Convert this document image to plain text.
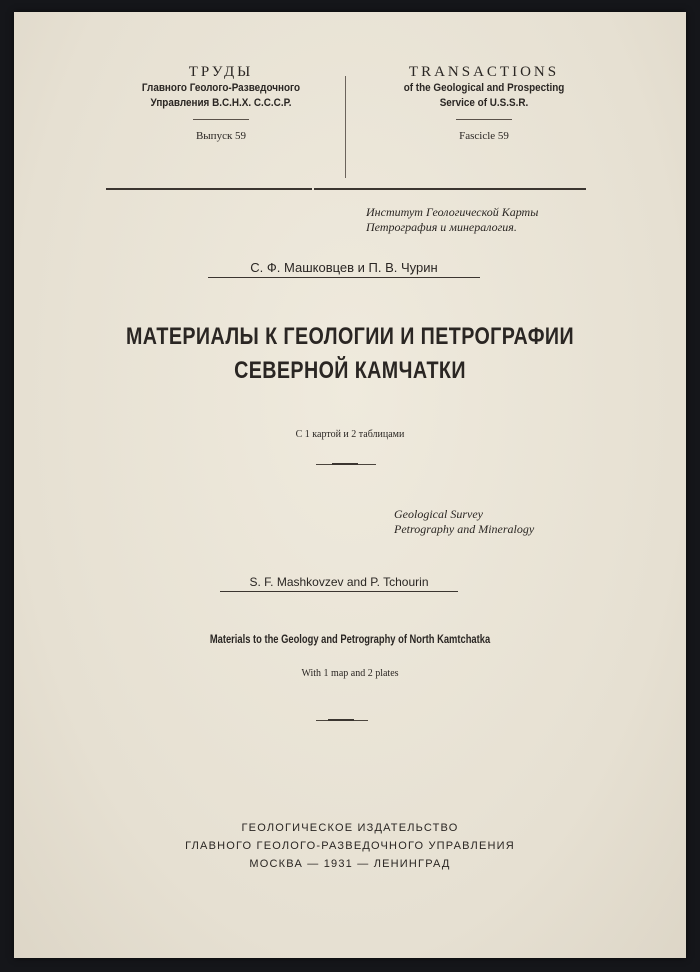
ТРУДЫ
Главного Геолого-Разведочного
Управления В.С.Н.Х. С.С.С.Р.
Выпуск 59
TRANSACTIONS
of the Geological and Prospecting
Service of U.S.S.R.
Fascicle 59
Институт Геологической Карты
Петрография и минералогия.
С. Ф. Машковцев и П. В. Чурин
МАТЕРИАЛЫ К ГЕОЛОГИИ И ПЕТРОГРАФИИ
СЕВЕРНОЙ КАМЧАТКИ
С 1 картой и 2 таблицами
Geological Survey
Petrography and Mineralogy
S. F. Mashkovzev and P. Tchourin
Materials to the Geology and Petrography of North Kamtchatka
With 1 map and 2 plates
ГЕОЛОГИЧЕСКОЕ ИЗДАТЕЛЬСТВО
ГЛАВНОГО ГЕОЛОГО-РАЗВЕДОЧНОГО УПРАВЛЕНИЯ
МОСКВА — 1931 — ЛЕНИНГРАД
